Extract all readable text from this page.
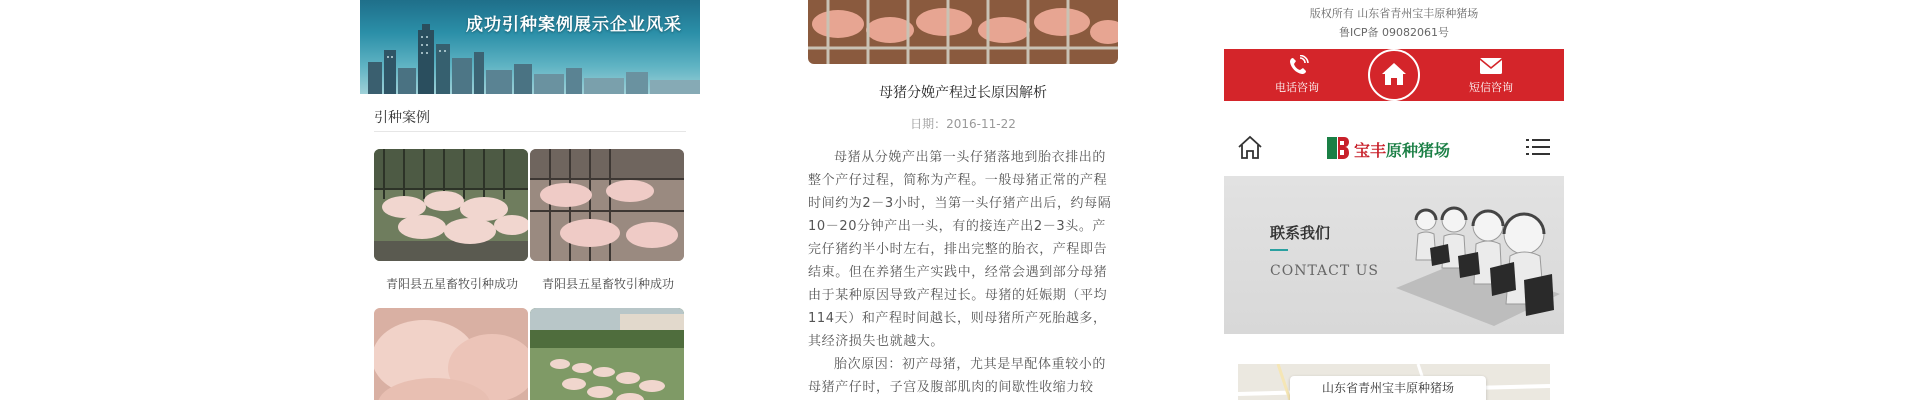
成功引种案例展示企业风采
引种案例
青阳县五星畜牧引种成功	青阳县五星畜牧引种成功
母猪分娩产程过长原因解析
日期：2016-11-22

母猪从分娩产出第一头仔猪落地到胎衣排出的整个产仔过程，简称为产程。一般母猪正常的产程时间约为2－3小时，当第一头仔猪产出后，约每隔10－20分钟产出一头，有的接连产出2－3头。产完仔猪约半小时左右，排出完整的胎衣，产程即告结束。但在养猪生产实践中，经常会遇到部分母猪由于某种原因导致产程过长。母猪的妊娠期（平均114天）和产程时间越长，则母猪所产死胎越多，其经济损失也就越大。

胎次原因：初产母猪，尤其是早配体重较小的母猪产仔时，子宫及腹部肌肉的间歇性收缩力较

版权所有 山东省青州宝丰原种猪场
鲁ICP备 09082061号
电话咨询	短信咨询
宝丰原种猪场
联系我们
CONTACT US
山东省青州宝丰原种猪场
